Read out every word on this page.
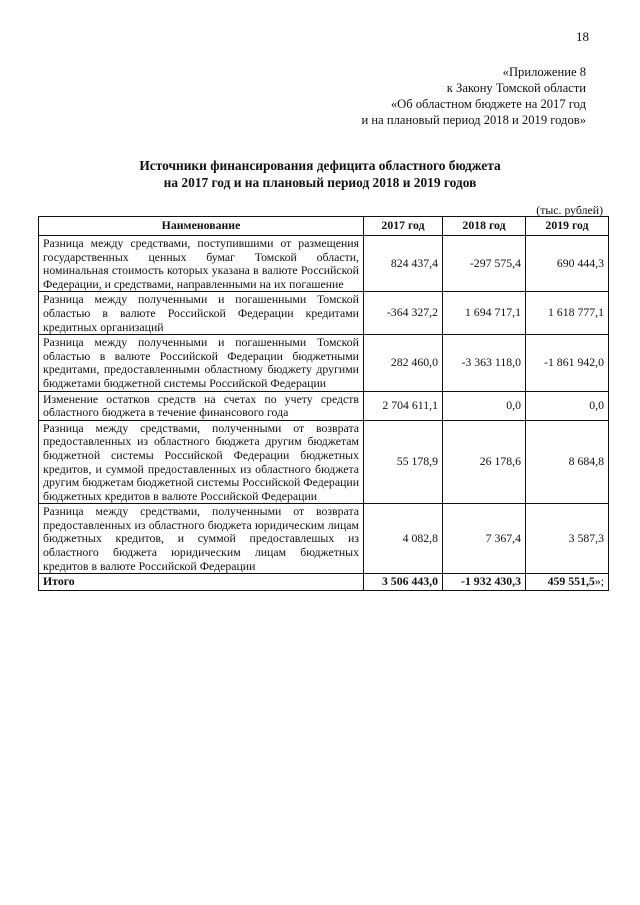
18
«Приложение 8
к Закону Томской области
«Об областном бюджете на 2017 год
и на плановый период 2018 и 2019 годов»
Источники финансирования дефицита областного бюджета
на 2017 год и на плановый период 2018 и 2019 годов
(тыс. рублей)
Наименование	2017 год	2018 год	2019 год
Разница между средствами, поступившими от размещения государственных ценных бумаг Томской области, номинальная стоимость которых указана в валюте Российской Федерации, и средствами, направленными на их погашение	824 437,4	-297 575,4	690 444,3
Разница между полученными и погашенными Томской областью в валюте Российской Федерации кредитами кредитных организаций	-364 327,2	1 694 717,1	1 618 777,1
Разница между полученными и погашенными Томской областью в валюте Российской Федерации бюджетными кредитами, предоставленными областному бюджету другими бюджетами бюджетной системы Российской Федерации	282 460,0	-3 363 118,0	-1 861 942,0
Изменение остатков средств на счетах по учету средств областного бюджета в течение финансового года	2 704 611,1	0,0	0,0
Разница между средствами, полученными от возврата предоставленных из областного бюджета другим бюджетам бюджетной системы Российской Федерации бюджетных кредитов, и суммой предоставленных из областного бюджета другим бюджетам бюджетной системы Российской Федерации бюджетных кредитов в валюте Российской Федерации	55 178,9	26 178,6	8 684,8
Разница между средствами, полученными от возврата предоставленных из областного бюджета юридическим лицам бюджетных кредитов, и суммой предоставлешых из областного бюджета юридическим лицам бюджетных кредитов в валюте Российской Федерации	4 082,8	7 367,4	3 587,3
Итого	3 506 443,0	-1 932 430,3	459 551,5»;
